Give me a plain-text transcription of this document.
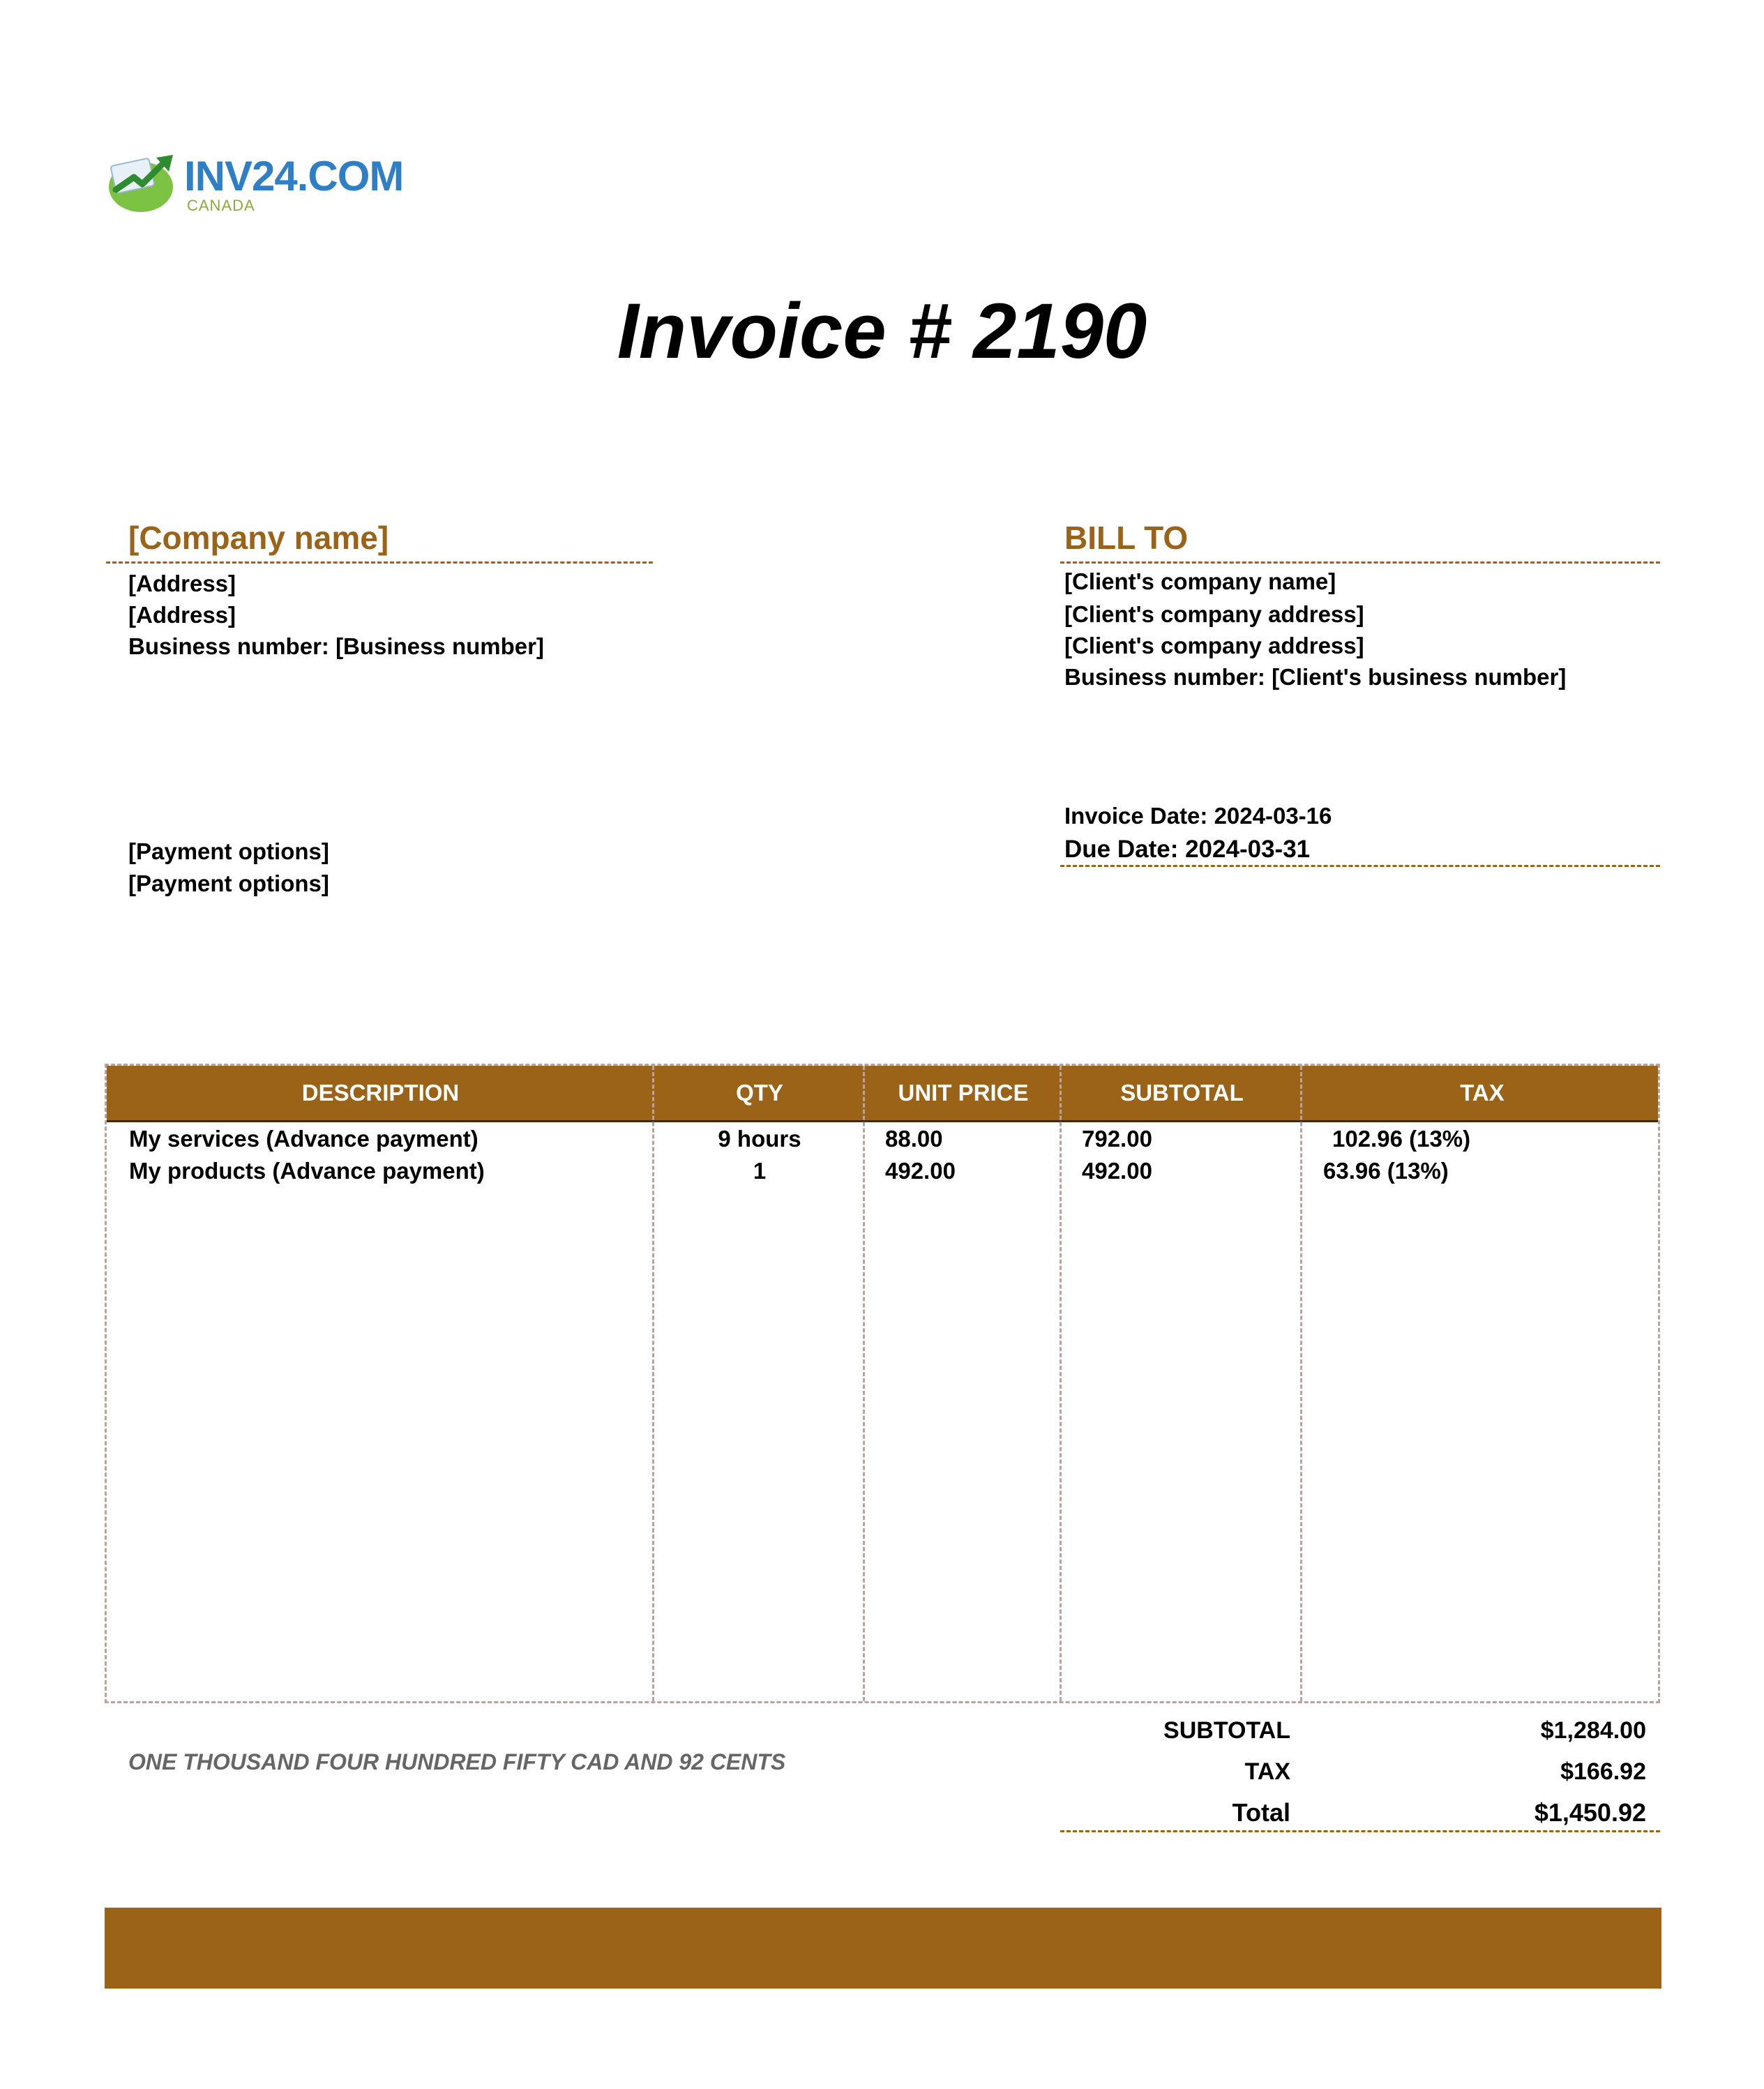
INV24.COM
CANADA
Invoice # 2190
[Company name]
[Address]
[Address]
Business number: [Business number]
BILL TO
[Client's company name]
[Client's company address]
[Client's company address]
Business number: [Client's business number]
Invoice Date: 2024-03-16
Due Date: 2024-03-31
[Payment options]
[Payment options]
DESCRIPTION	QTY	UNIT PRICE	SUBTOTAL	TAX
My services (Advance payment)	9 hours	88.00	792.00	102.96 (13%)
My products (Advance payment)	1	492.00	492.00	63.96 (13%)
ONE THOUSAND FOUR HUNDRED FIFTY CAD AND 92 CENTS
SUBTOTAL	$1,284.00
TAX	$166.92
Total	$1,450.92
